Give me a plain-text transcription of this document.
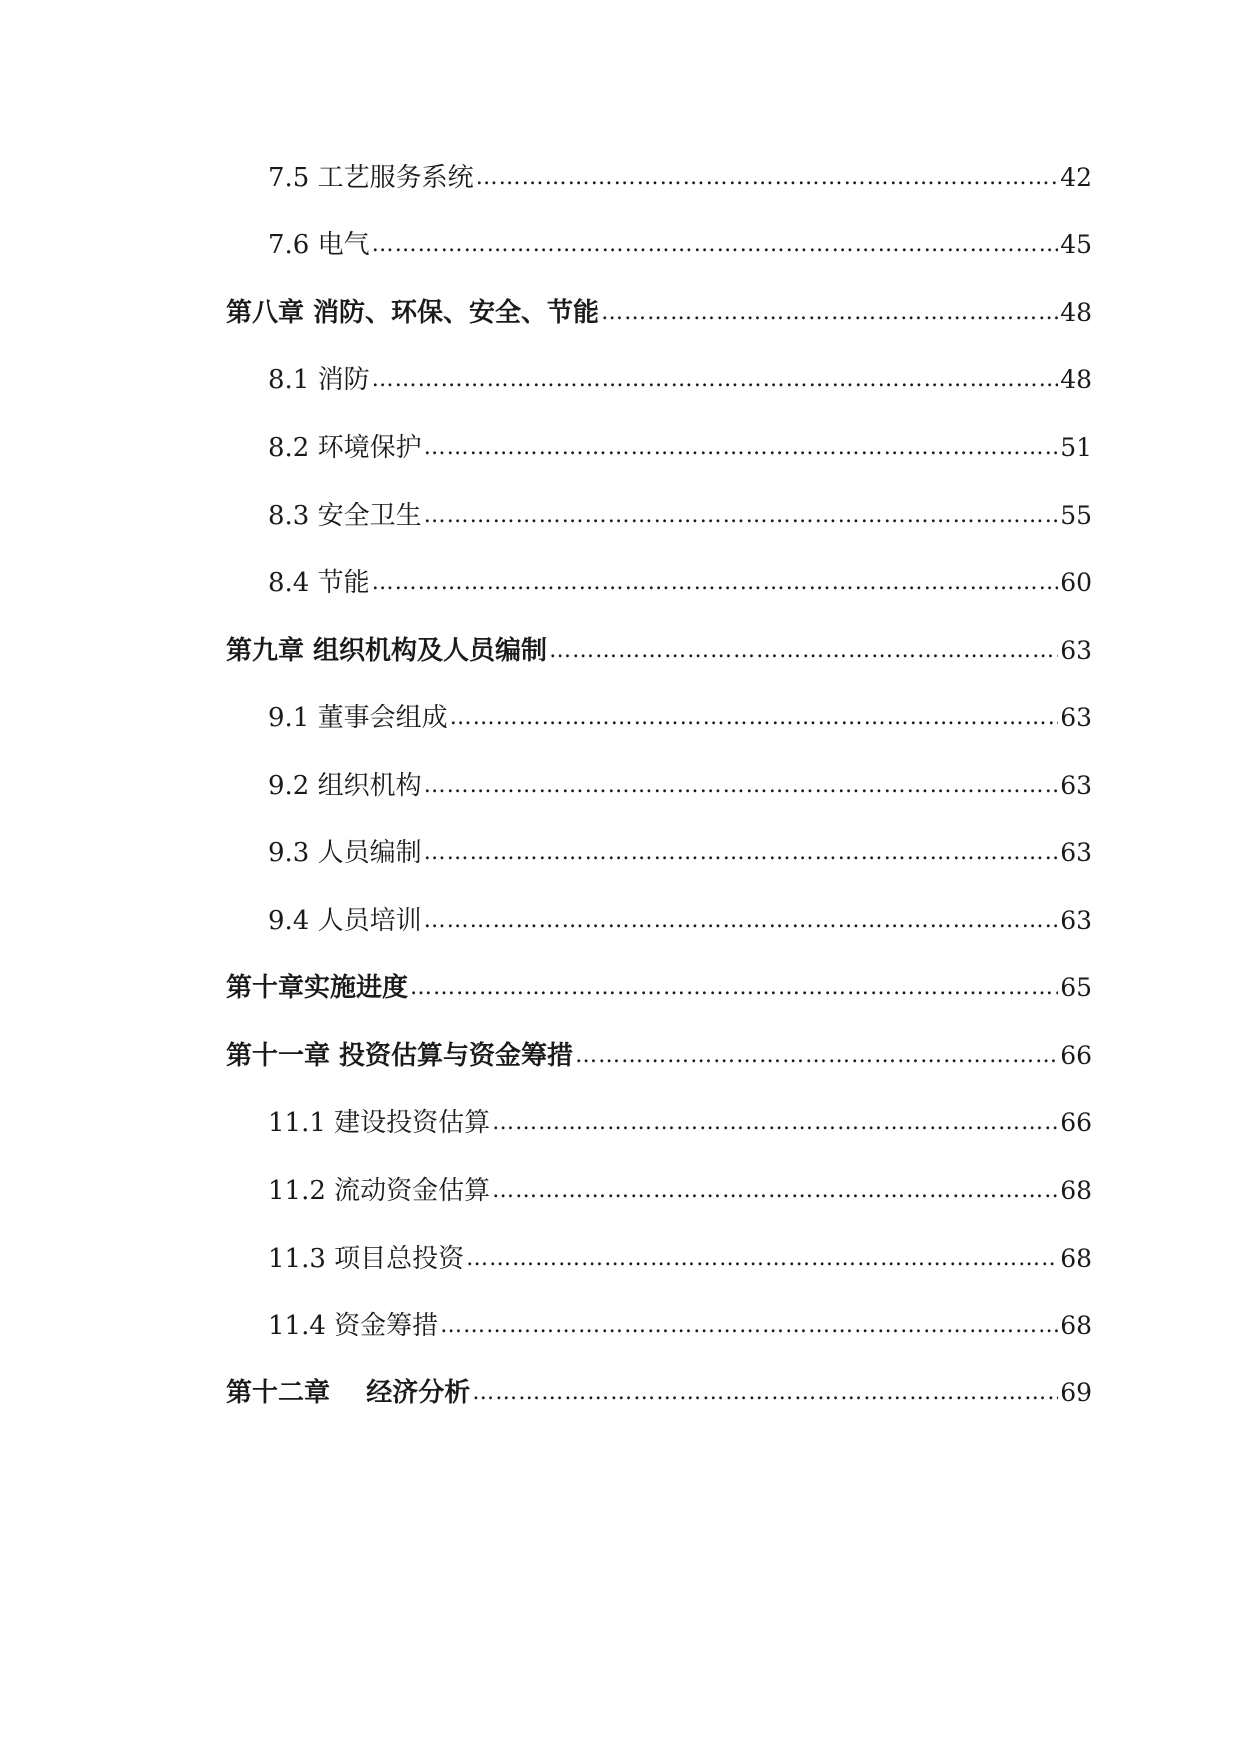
7.5 工艺服务系统 …………………………………………………………………………………………………………………………………………………………	42
7.6 电气 …………………………………………………………………………………………………………………………………………………………	45
第八章 消防、环保、安全、节能 …………………………………………………………………………………………………………………………………………………………	48
8.1 消防 …………………………………………………………………………………………………………………………………………………………	48
8.2 环境保护 …………………………………………………………………………………………………………………………………………………………	51
8.3 安全卫生 …………………………………………………………………………………………………………………………………………………………	55
8.4 节能 …………………………………………………………………………………………………………………………………………………………	60
第九章 组织机构及人员编制 …………………………………………………………………………………………………………………………………………………………	63
9.1 董事会组成 …………………………………………………………………………………………………………………………………………………………	63
9.2 组织机构 …………………………………………………………………………………………………………………………………………………………	63
9.3 人员编制 …………………………………………………………………………………………………………………………………………………………	63
9.4 人员培训 …………………………………………………………………………………………………………………………………………………………	63
第十章实施进度 …………………………………………………………………………………………………………………………………………………………	65
第十一章 投资估算与资金筹措 …………………………………………………………………………………………………………………………………………………………	66
11.1 建设投资估算 …………………………………………………………………………………………………………………………………………………………	66
11.2 流动资金估算 …………………………………………………………………………………………………………………………………………………………	68
11.3 项目总投资 …………………………………………………………………………………………………………………………………………………………	68
11.4 资金筹措 …………………………………………………………………………………………………………………………………………………………	68
第十二章    经济分析 …………………………………………………………………………………………………………………………………………………………	69
